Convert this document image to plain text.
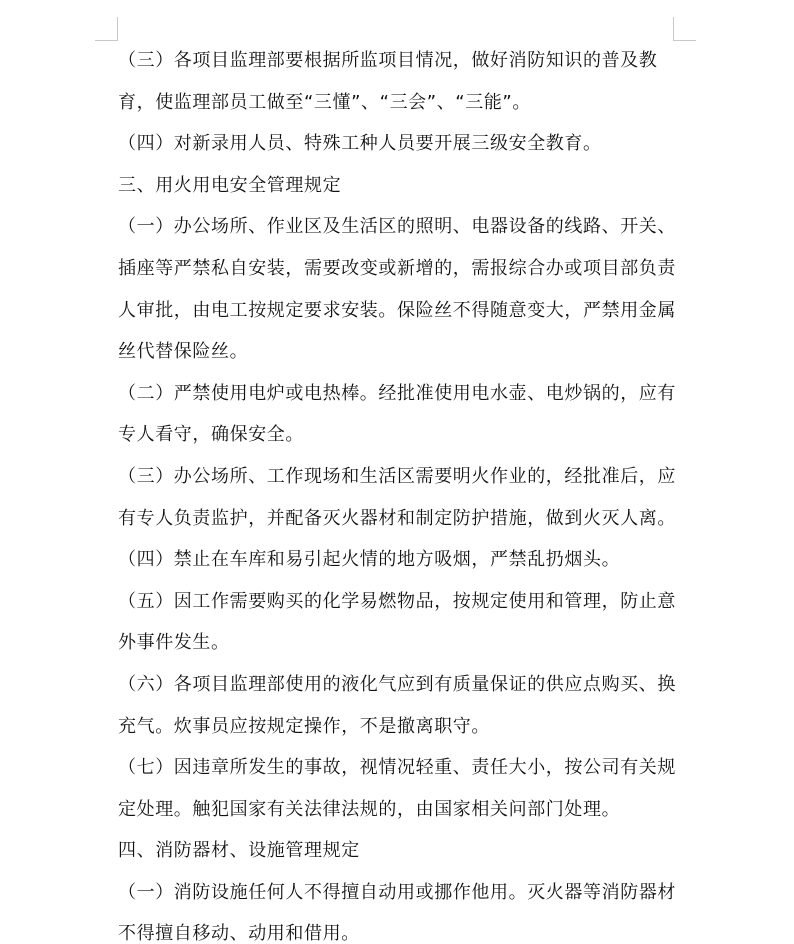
（三）各项目监理部要根据所监项目情况，做好消防知识的普及教
育，使监理部员工做至“三懂”、“三会”、“三能”。
（四）对新录用人员、特殊工种人员要开展三级安全教育。
三、用火用电安全管理规定
（一）办公场所、作业区及生活区的照明、电器设备的线路、开关、
插座等严禁私自安装，需要改变或新增的，需报综合办或项目部负责
人审批，由电工按规定要求安装。保险丝不得随意变大，严禁用金属
丝代替保险丝。
（二）严禁使用电炉或电热棒。经批准使用电水壶、电炒锅的，应有
专人看守，确保安全。
（三）办公场所、工作现场和生活区需要明火作业的，经批准后，应
有专人负责监护，并配备灭火器材和制定防护措施，做到火灭人离。
（四）禁止在车库和易引起火情的地方吸烟，严禁乱扔烟头。
（五）因工作需要购买的化学易燃物品，按规定使用和管理，防止意
外事件发生。
（六）各项目监理部使用的液化气应到有质量保证的供应点购买、换
充气。炊事员应按规定操作，不是撤离职守。
（七）因违章所发生的事故，视情况轻重、责任大小，按公司有关规
定处理。触犯国家有关法律法规的，由国家相关问部门处理。
四、消防器材、设施管理规定
（一）消防设施任何人不得擅自动用或挪作他用。灭火器等消防器材
不得擅自移动、动用和借用。
